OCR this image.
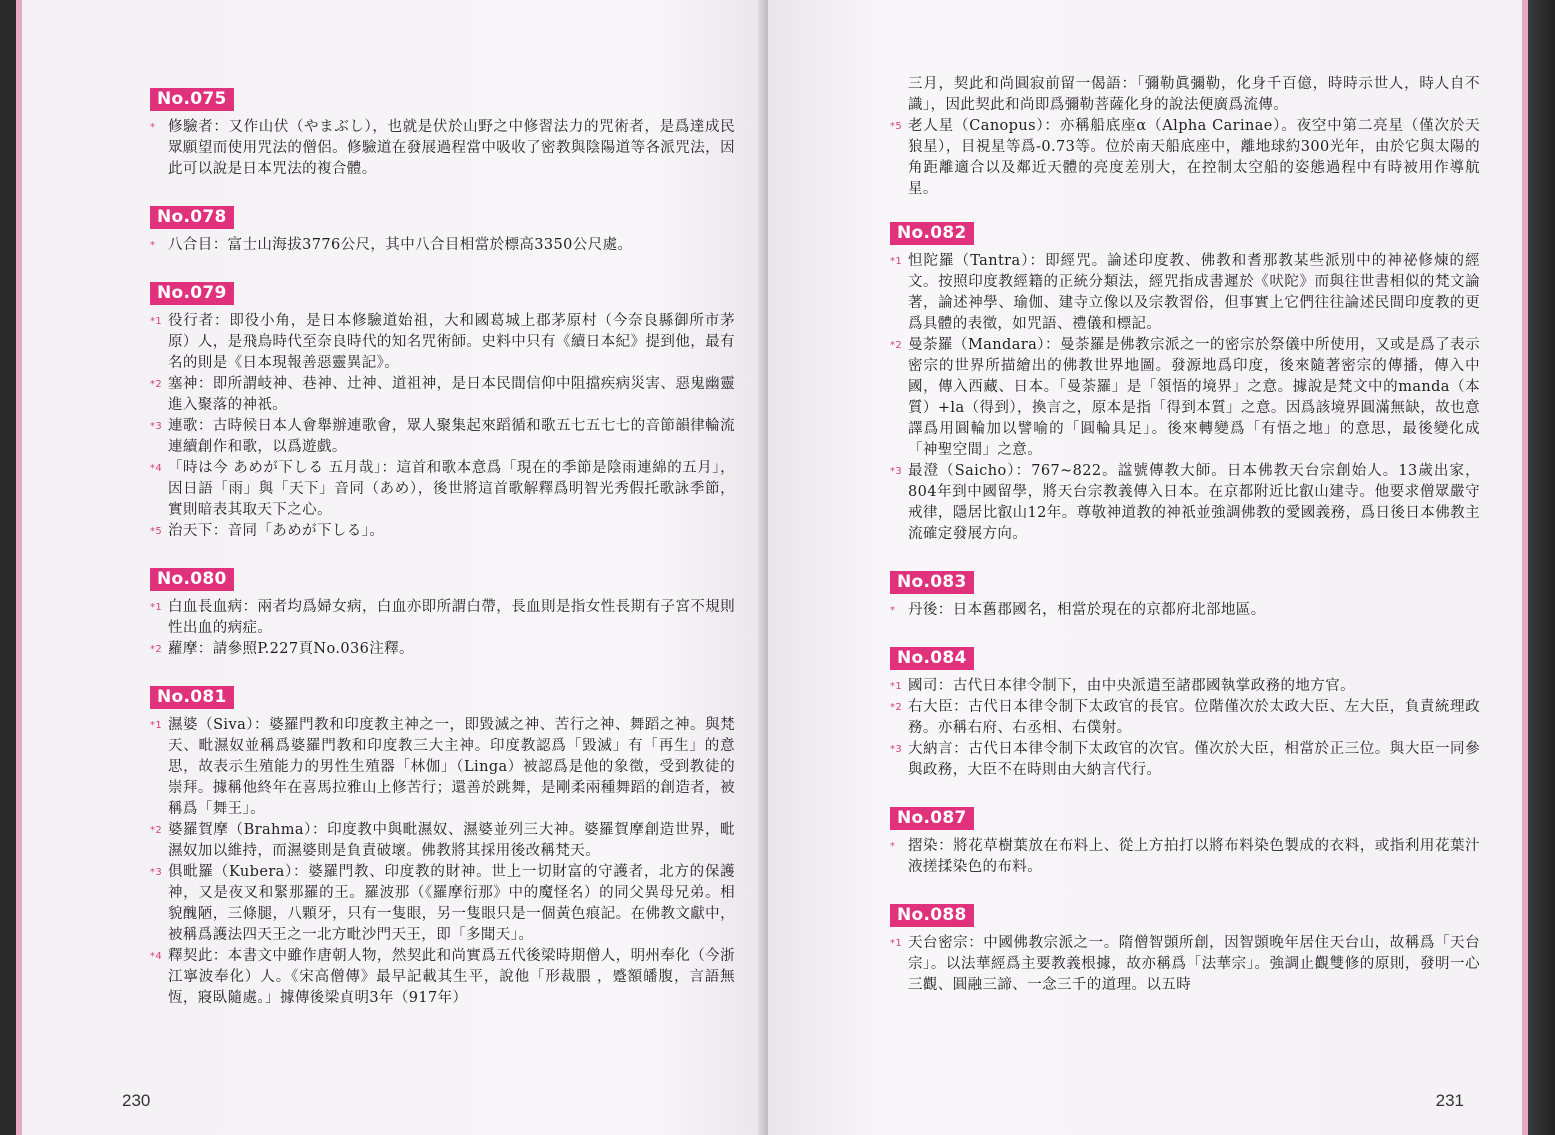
No.075
* 修驗者：又作山伏（やまぶし），也就是伏於山野之中修習法力的咒術者，是爲達成民眾願望而使用咒法的僧侶。修驗道在發展過程當中吸收了密教與陰陽道等各派咒法，因此可以說是日本咒法的複合體。
No.078
* 八合目：富士山海拔3776公尺，其中八合目相當於標高3350公尺處。
No.079
*1 役行者：即役小角，是日本修驗道始祖，大和國葛城上郡茅原村（今奈良縣御所市茅原）人，是飛鳥時代至奈良時代的知名咒術師。史料中只有《續日本紀》提到他，最有名的則是《日本現報善惡靈異記》。
*2 塞神：即所謂岐神、巷神、辻神、道祖神，是日本民間信仰中阻擋疾病災害、惡鬼幽靈進入聚落的神祇。
*3 連歌：古時候日本人會舉辦連歌會，眾人聚集起來蹈循和歌五七五七七的音節韻律輪流連續創作和歌，以爲遊戲。
*4 「時は今 あめが下しる 五月哉」：這首和歌本意爲「現在的季節是陰雨連綿的五月」，因日語「雨」與「天下」音同（あめ），後世將這首歌解釋爲明智光秀假托歌詠季節，實則暗表其取天下之心。
*5 治天下：音同「あめが下しる」。
No.080
*1 白血長血病：兩者均爲婦女病，白血亦即所謂白帶，長血則是指女性長期有子宮不規則性出血的病症。
*2 蘿摩：請參照P.227頁No.036注釋。
No.081
*1 濕婆（Siva）：婆羅門教和印度教主神之一，即毀滅之神、苦行之神、舞蹈之神。與梵天、毗濕奴並稱爲婆羅門教和印度教三大主神。印度教認爲「毀滅」有「再生」的意思，故表示生殖能力的男性生殖器「林伽」（Linga）被認爲是他的象徵，受到教徒的崇拜。據稱他終年在喜馬拉雅山上修苦行；還善於跳舞，是剛柔兩種舞蹈的創造者，被稱爲「舞王」。
*2 婆羅賀摩（Brahma）：印度教中與毗濕奴、濕婆並列三大神。婆羅賀摩創造世界，毗濕奴加以維持，而濕婆則是負責破壞。佛教將其採用後改稱梵天。
*3 俱毗羅（Kubera）：婆羅門教、印度教的財神。世上一切財富的守護者，北方的保護神，又是夜叉和緊那羅的王。羅波那（《羅摩衍那》中的魔怪名）的同父異母兄弟。相貌醜陋，三條腿，八顆牙，只有一隻眼，另一隻眼只是一個黃色痕記。在佛教文獻中，被稱爲護法四天王之一北方毗沙門天王，即「多聞天」。
*4 釋契此：本書文中雖作唐朝人物，然契此和尚實爲五代後梁時期僧人，明州奉化（今浙江寧波奉化）人。《宋高僧傳》最早記載其生平，說他「形裁腲 ，蹙額皤腹，言語無恆，寢臥隨處。」據傳後梁貞明3年（917年）
230
三月，契此和尚圓寂前留一偈語：「彌勒眞彌勒，化身千百億，時時示世人，時人自不識」，因此契此和尚即爲彌勒菩薩化身的說法便廣爲流傳。
*5 老人星（Canopus）：亦稱船底座α（Alpha Carinae）。夜空中第二亮星（僅次於天狼星），目視星等爲-0.73等。位於南天船底座中，離地球約300光年，由於它與太陽的角距離適合以及鄰近天體的亮度差別大，在控制太空船的姿態過程中有時被用作導航星。
No.082
*1 怛陀羅（Tantra）：即經咒。論述印度教、佛教和耆那教某些派別中的神祕修煉的經文。按照印度教經籍的正統分類法，經咒指成書遲於《吠陀》而與往世書相似的梵文論著，論述神學、瑜伽、建寺立像以及宗教習俗，但事實上它們往往論述民間印度教的更爲具體的表徵，如咒語、禮儀和標記。
*2 曼荼羅（Mandara）：曼荼羅是佛教宗派之一的密宗於祭儀中所使用，又或是爲了表示密宗的世界所描繪出的佛教世界地圖。發源地爲印度，後來隨著密宗的傳播，傳入中國，傳入西藏、日本。「曼荼羅」是「領悟的境界」之意。據說是梵文中的manda（本質）+la（得到），換言之，原本是指「得到本質」之意。因爲該境界圓滿無缺，故也意譯爲用圓輪加以譬喻的「圓輪具足」。後來轉變爲「有悟之地」的意思，最後變化成「神聖空間」之意。
*3 最澄（Saicho）：767~822。諡號傳教大師。日本佛教天台宗創始人。13歲出家，804年到中國留學，將天台宗教義傳入日本。在京都附近比叡山建寺。他要求僧眾嚴守戒律，隱居比叡山12年。尊敬神道教的神祇並強調佛教的愛國義務，爲日後日本佛教主流確定發展方向。
No.083
* 丹後：日本舊郡國名，相當於現在的京都府北部地區。
No.084
*1 國司：古代日本律令制下，由中央派遣至諸郡國執掌政務的地方官。
*2 右大臣：古代日本律令制下太政官的長官。位階僅次於太政大臣、左大臣，負責統理政務。亦稱右府、右丞相、右僕射。
*3 大納言：古代日本律令制下太政官的次官。僅次於大臣，相當於正三位。與大臣一同參與政務，大臣不在時則由大納言代行。
No.087
* 摺染：將花草樹葉放在布料上、從上方拍打以將布料染色製成的衣料，或指利用花葉汁液搓揉染色的布料。
No.088
*1 天台密宗：中國佛教宗派之一。隋僧智顗所創，因智顗晚年居住天台山，故稱爲「天台宗」。以法華經爲主要教義根據，故亦稱爲「法華宗」。強調止觀雙修的原則，發明一心三觀、圓融三諦、一念三千的道理。以五時
231
